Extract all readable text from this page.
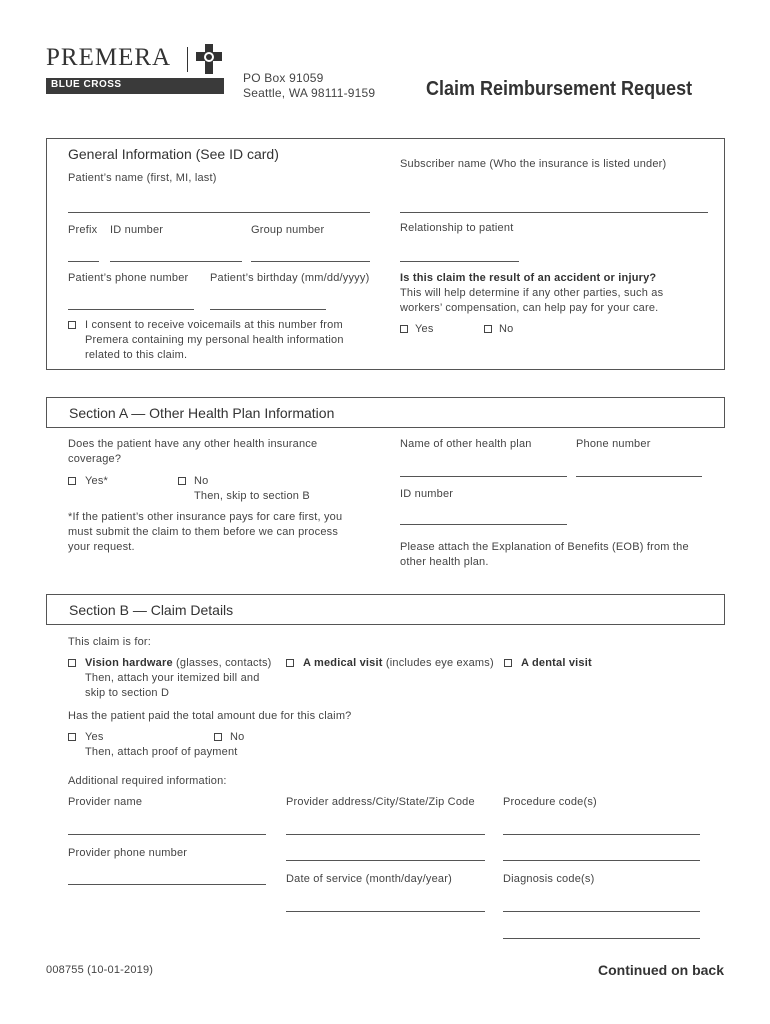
PREMERA
BLUE CROSS	PO Box 91059
Seattle, WA 98111-9159	Claim Reimbursement Request
General Information (See ID card)
Patient’s name (first, MI, last)
Prefix ID number	Group number
Patient’s phone number Patient’s birthday (mm/dd/yyyy)
I consent to receive voicemails at this number from Premera containing my personal health information related to this claim.
Subscriber name (Who the insurance is listed under)
Relationship to patient
Is this claim the result of an accident or injury?
This will help determine if any other parties, such as workers’ compensation, can help pay for your care.
Yes	No
Section A — Other Health Plan Information
Does the patient have any other health insurance coverage?
Yes*	No
Then, skip to section B
*If the patient’s other insurance pays for care first, you must submit the claim to them before we can process your request.
Name of other health plan	Phone number
ID number
Please attach the Explanation of Benefits (EOB) from the other health plan.
Section B — Claim Details
This claim is for:
Vision hardware (glasses, contacts)
Then, attach your itemized bill and skip to section D
A medical visit (includes eye exams) A dental visit
Has the patient paid the total amount due for this claim?
Yes
Then, attach proof of payment
No
Additional required information:
Provider name	Provider address/City/State/Zip Code	Procedure code(s)
Provider phone number
Date of service (month/day/year)	Diagnosis code(s)
008755 (10-01-2019)	Continued on back
